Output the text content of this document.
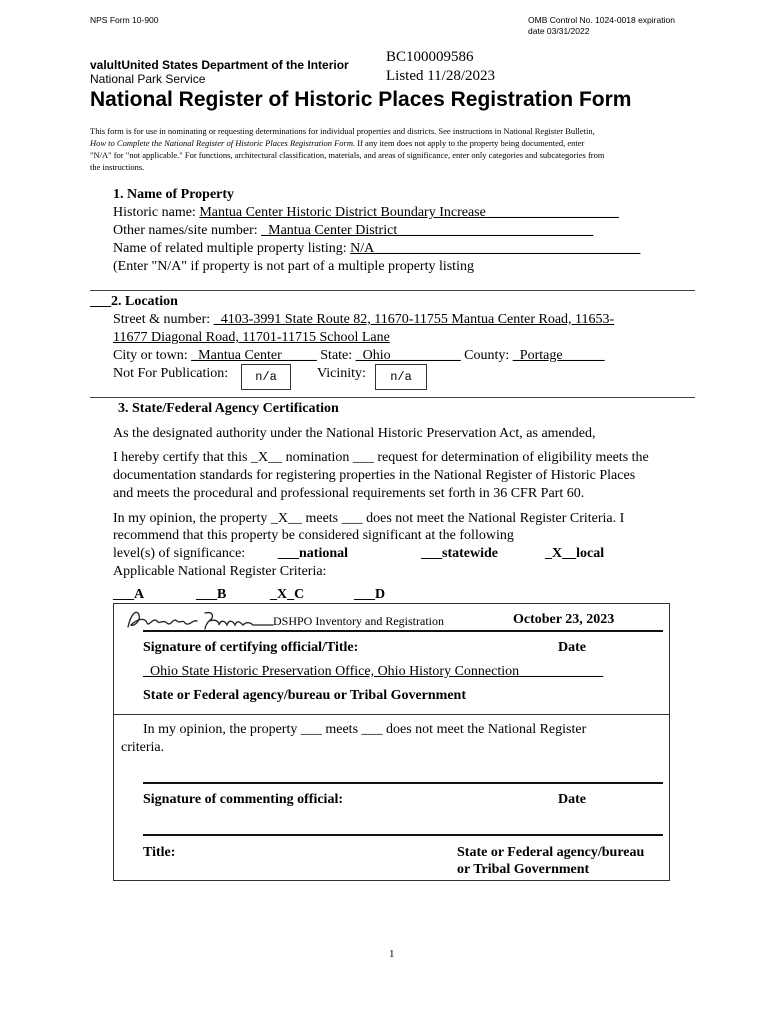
NPS Form 10-900	OMB Control No. 1024-0018 expiration
date 03/31/2022
valultUnited States Department of the Interior
National Park Service
BC100009586
Listed 11/28/2023
National Register of Historic Places Registration Form
This form is for use in nominating or requesting determinations for individual properties and districts. See instructions in National Register Bulletin,
How to Complete the National Register of Historic Places Registration Form. If any item does not apply to the property being documented, enter
"N/A" for "not applicable." For functions, architectural classification, materials, and areas of significance, enter only categories and subcategories from
the instructions.
1. Name of Property
Historic name: Mantua Center Historic District Boundary Increase___________________
Other names/site number: _Mantua Center District____________________________
Name of related multiple property listing: N/A______________________________________
(Enter "N/A" if property is not part of a multiple property listing
___2. Location
Street & number: _4103-3991 State Route 82, 11670-11755 Mantua Center Road, 11653-
11677 Diagonal Road, 11701-11715 School Lane
City or town: _Mantua Center_____ State: _Ohio__________ County: _Portage______
Not For Publication:	n/a	Vicinity:	n/a
3. State/Federal Agency Certification
As the designated authority under the National Historic Preservation Act, as amended,
I hereby certify that this _X__ nomination ___ request for determination of eligibility meets the
documentation standards for registering properties in the National Register of Historic Places
and meets the procedural and professional requirements set forth in 36 CFR Part 60.
In my opinion, the property _X__ meets ___ does not meet the National Register Criteria. I
recommend that this property be considered significant at the following
level(s) of significance: ___national	___statewide	_X__local
Applicable National Register Criteria:
___A	___B	_X_C	___D
DSHPO Inventory and Registration	October 23, 2023
Signature of certifying official/Title:	Date
_Ohio State Historic Preservation Office, Ohio History Connection____________
State or Federal agency/bureau or Tribal Government
In my opinion, the property ___ meets ___ does not meet the National Register
criteria.
Signature of commenting official:	Date
Title:	State or Federal agency/bureau
or Tribal Government
1
